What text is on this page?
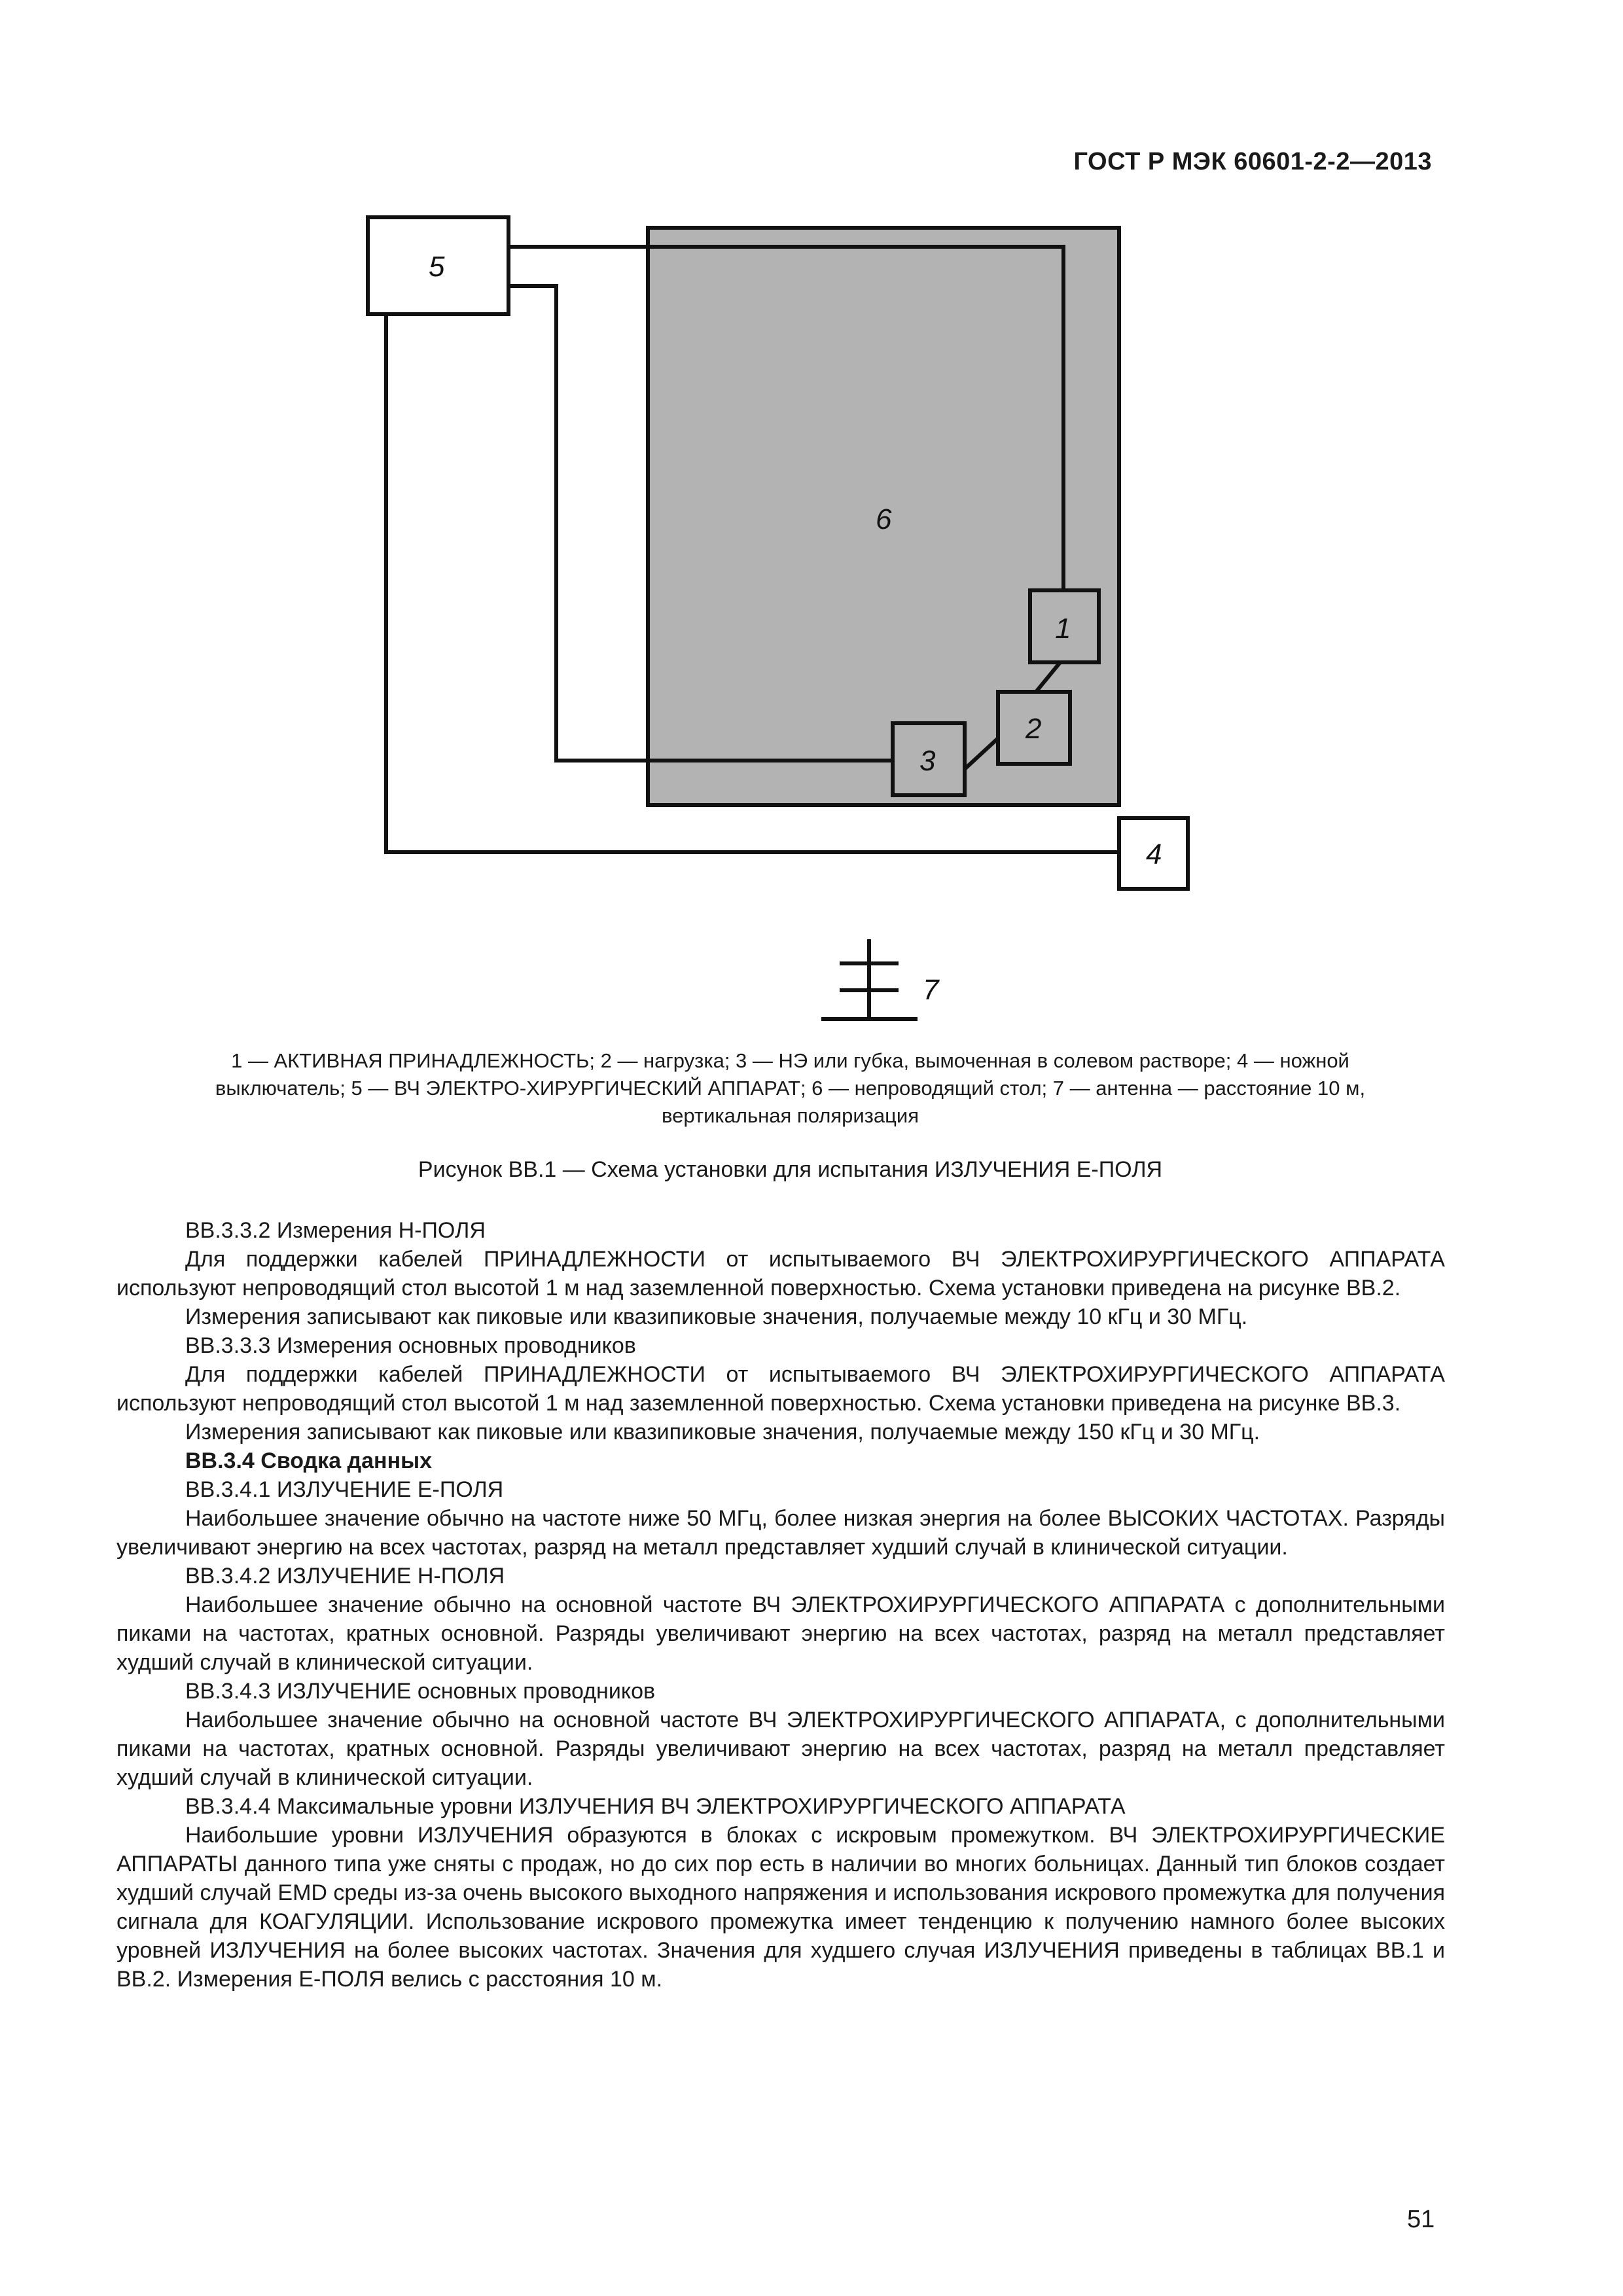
ГОСТ Р МЭК 60601-2-2—2013
5
6
1
2
3
4
7
1 — АКТИВНАЯ ПРИНАДЛЕЖНОСТЬ; 2 — нагрузка; 3 — НЭ или губка, вымоченная в солевом растворе; 4 — ножной
выключатель; 5 — ВЧ ЭЛЕКТРО-ХИРУРГИЧЕСКИЙ АППАРАТ; 6 — непроводящий стол; 7 — антенна — расстояние 10 м,
вертикальная поляризация
Рисунок BB.1 — Схема установки для испытания ИЗЛУЧЕНИЯ E-ПОЛЯ

BB.3.3.2 Измерения H-ПОЛЯ

Для поддержки кабелей ПРИНАДЛЕЖНОСТИ от испытываемого ВЧ ЭЛЕКТРОХИРУРГИЧЕСКОГО АППАРАТА используют непроводящий стол высотой 1 м над заземленной поверхностью. Схема установки приведена на рисунке BB.2.

Измерения записывают как пиковые или квазипиковые значения, получаемые между 10 кГц и 30 МГц.

BB.3.3.3 Измерения основных проводников

Для поддержки кабелей ПРИНАДЛЕЖНОСТИ от испытываемого ВЧ ЭЛЕКТРОХИРУРГИЧЕСКОГО АППАРАТА используют непроводящий стол высотой 1 м над заземленной поверхностью. Схема установки приведена на рисунке BB.3.

Измерения записывают как пиковые или квазипиковые значения, получаемые между 150 кГц и 30 МГц.

BB.3.4 Сводка данных

BB.3.4.1 ИЗЛУЧЕНИЕ E-ПОЛЯ

Наибольшее значение обычно на частоте ниже 50 МГц, более низкая энергия на более ВЫСОКИХ ЧАСТОТАХ. Разряды увеличивают энергию на всех частотах, разряд на металл представляет худший случай в клинической ситуации.

BB.3.4.2 ИЗЛУЧЕНИЕ H-ПОЛЯ

Наибольшее значение обычно на основной частоте ВЧ ЭЛЕКТРОХИРУРГИЧЕСКОГО АППАРАТА с дополнительными пиками на частотах, кратных основной. Разряды увеличивают энергию на всех частотах, разряд на металл представляет худший случай в клинической ситуации.

BB.3.4.3 ИЗЛУЧЕНИЕ основных проводников

Наибольшее значение обычно на основной частоте ВЧ ЭЛЕКТРОХИРУРГИЧЕСКОГО АППАРАТА, с дополнительными пиками на частотах, кратных основной. Разряды увеличивают энергию на всех частотах, разряд на металл представляет худший случай в клинической ситуации.

BB.3.4.4 Максимальные уровни ИЗЛУЧЕНИЯ ВЧ ЭЛЕКТРОХИРУРГИЧЕСКОГО АППАРАТА

Наибольшие уровни ИЗЛУЧЕНИЯ образуются в блоках с искровым промежутком. ВЧ ЭЛЕКТРОХИРУРГИЧЕСКИЕ АППАРАТЫ данного типа уже сняты с продаж, но до сих пор есть в наличии во многих больницах. Данный тип блоков создает худший случай EMD среды из-за очень высокого выходного напряжения и использования искрового промежутка для получения сигнала для КОАГУЛЯЦИИ. Использование искрового промежутка имеет тенденцию к получению намного более высоких уровней ИЗЛУЧЕНИЯ на более высоких частотах. Значения для худшего случая ИЗЛУЧЕНИЯ приведены в таблицах BB.1 и BB.2. Измерения E-ПОЛЯ велись с расстояния 10 м.

51
